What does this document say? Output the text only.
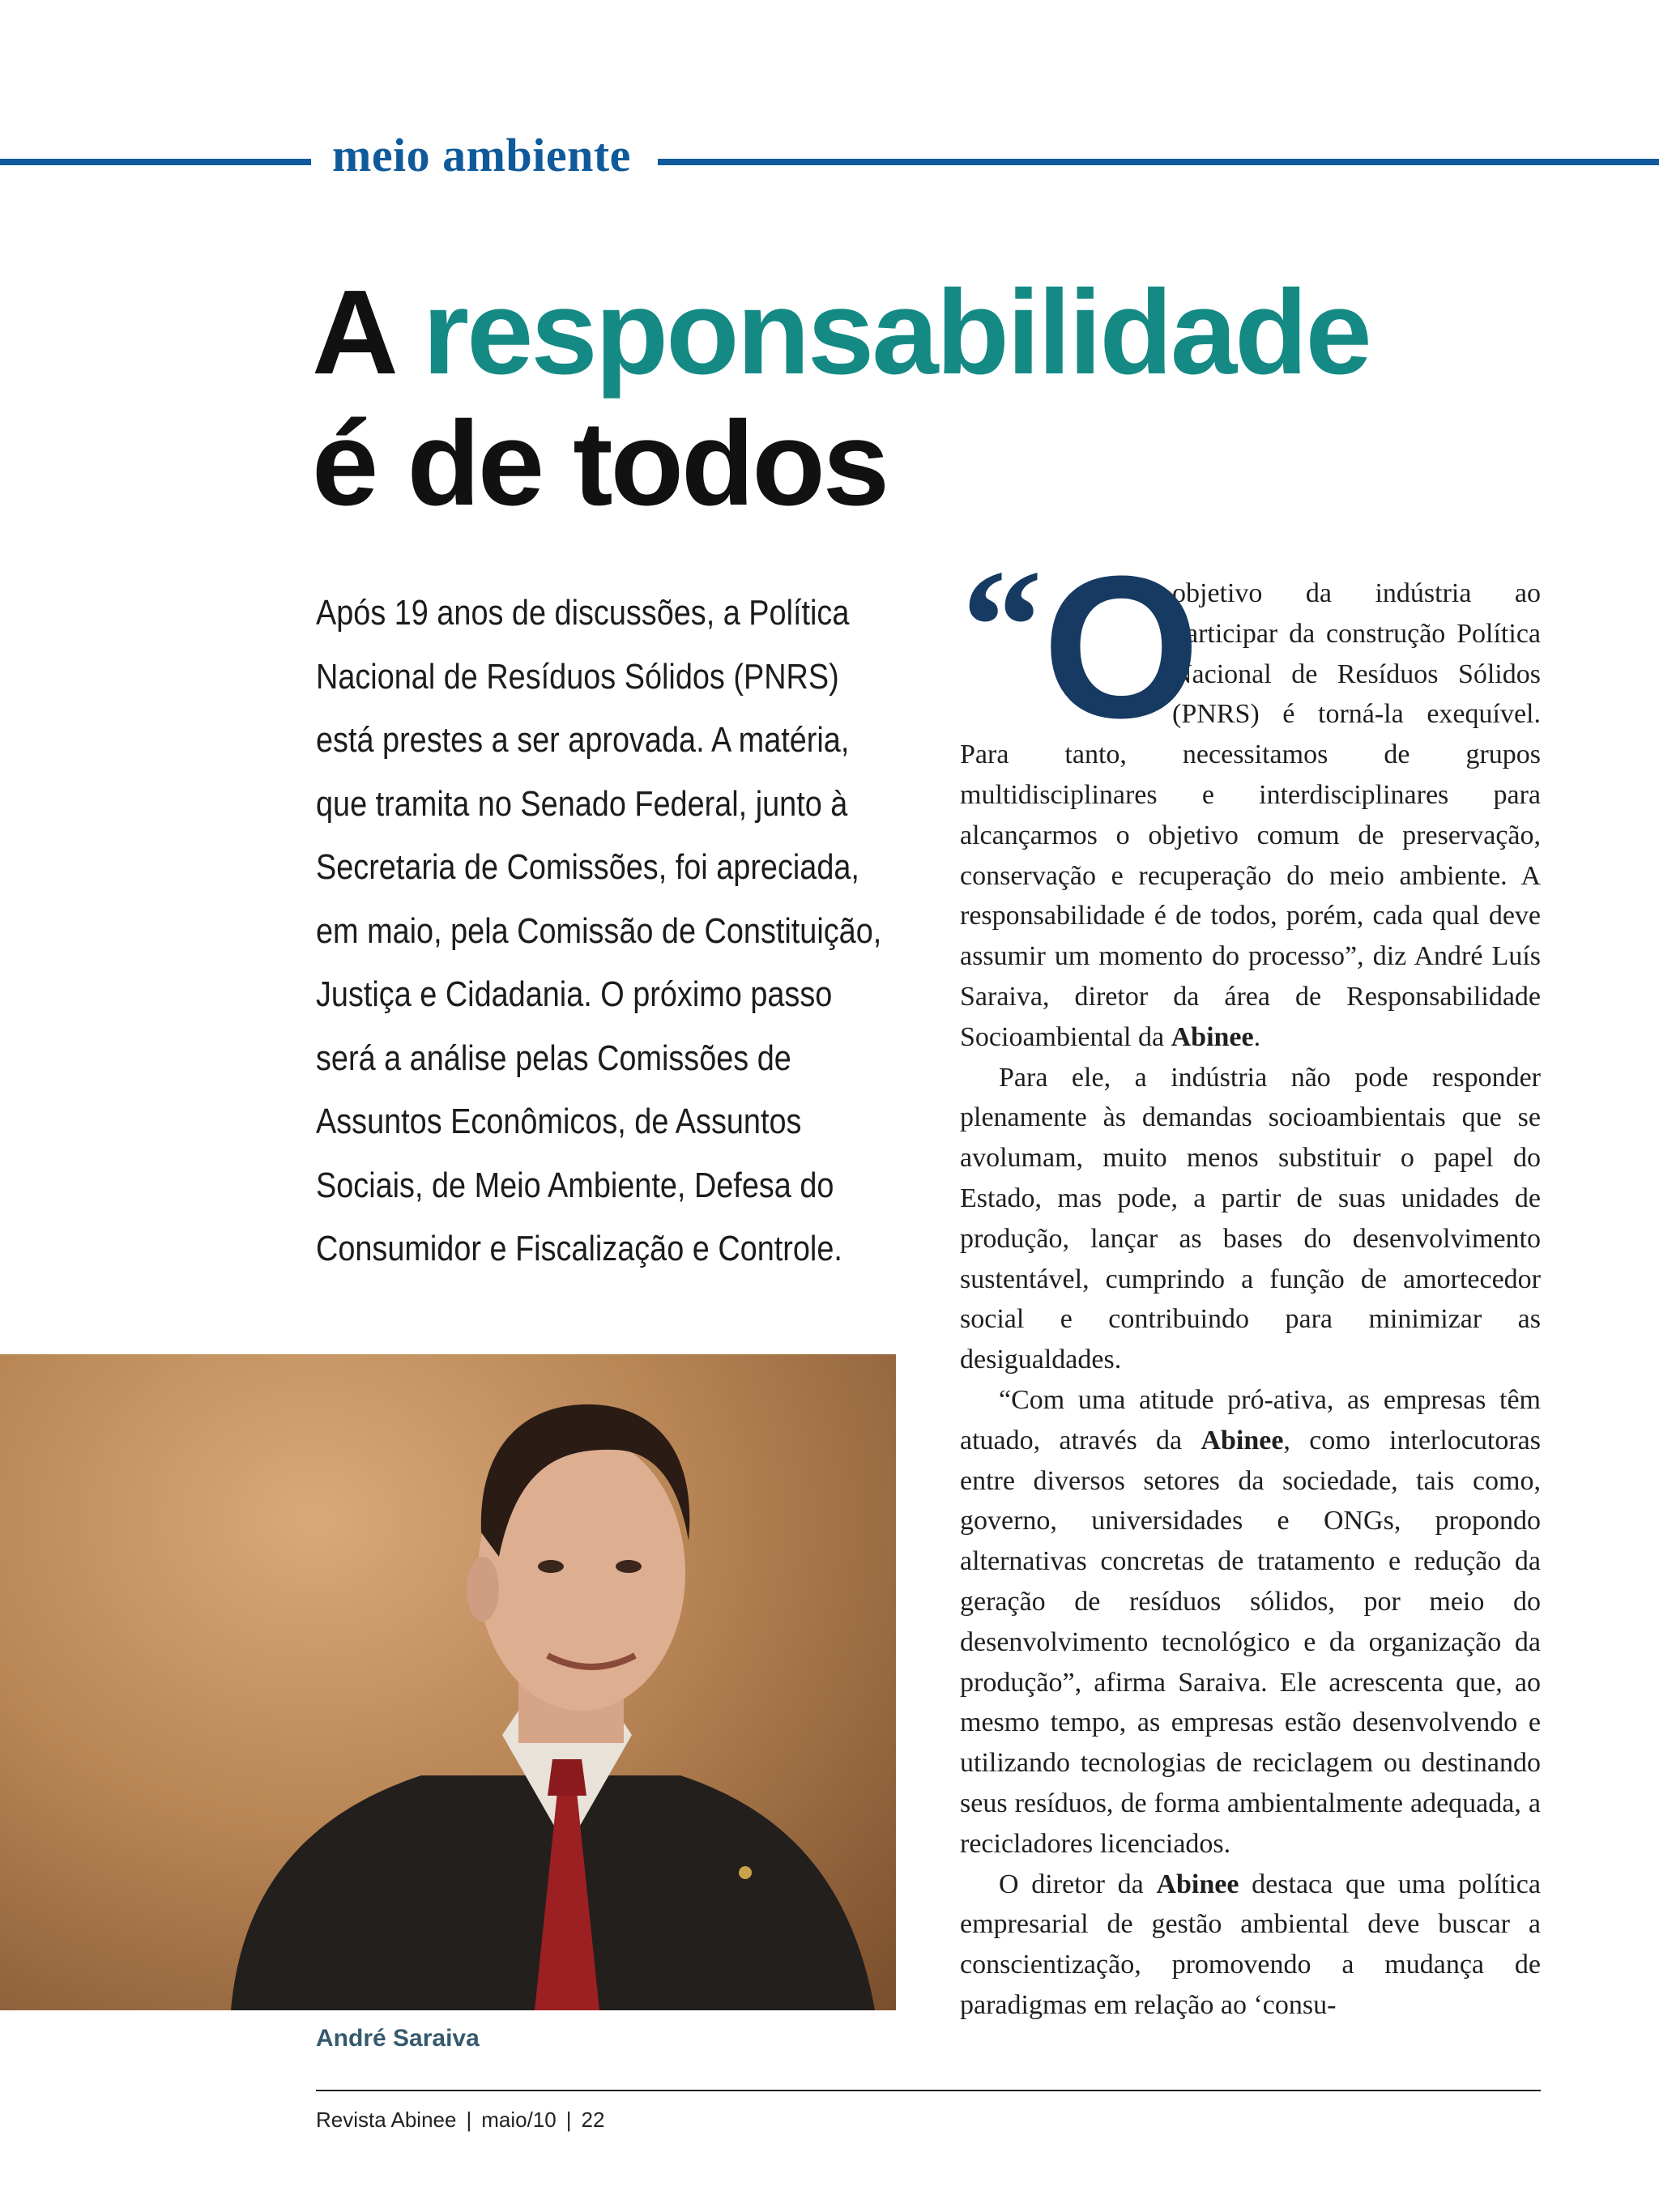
meio ambiente
A responsabilidade
é de todos

Após 19 anos de discussões, a Política Nacional de Resíduos Sólidos (PNRS) está prestes a ser aprovada. A matéria, que tramita no Senado Federal, junto à Secretaria de Comissões, foi apreciada, em maio, pela Comissão de Constituição, Justiça e Cidadania. O próximo passo será a análise pelas Comissões de Assuntos Econômicos, de Assuntos Sociais, de Meio Ambiente, Defesa do Consumidor e Fiscalização e Controle.

André Saraiva

“ O
objetivo da indústria ao participar da construção Política Nacional de Resíduos Sólidos (PNRS) é torná-la exequível. Para tanto, necessitamos de grupos multidisciplinares e interdisciplinares para alcançarmos o objetivo comum de preservação, conservação e recuperação do meio ambiente. A responsabilidade é de todos, porém, cada qual deve assumir um momento do processo”, diz André Luís Saraiva, diretor da área de Responsabilidade Socioambiental da Abinee.

Para ele, a indústria não pode responder plenamente às demandas socioambientais que se avolumam, muito menos substituir o papel do Estado, mas pode, a partir de suas unidades de produção, lançar as bases do desenvolvimento sustentável, cumprindo a função de amortecedor social e contribuindo para minimizar as desigualdades.

“Com uma atitude pró-ativa, as empresas têm atuado, através da Abinee, como interlocutoras entre diversos setores da sociedade, tais como, governo, universidades e ONGs, propondo alternativas concretas de tratamento e redução da geração de resíduos sólidos, por meio do desenvolvimento tecnológico e da organização da produção”, afirma Saraiva. Ele acrescenta que, ao mesmo tempo, as empresas estão desenvolvendo e utilizando tecnologias de reciclagem ou destinando seus resíduos, de forma ambientalmente adequada, a recicladores licenciados.

O diretor da Abinee destaca que uma política empresarial de gestão ambiental deve buscar a conscientização, promovendo a mudança de paradigmas em relação ao ‘consu-

Revista Abinee | maio/10 | 22
